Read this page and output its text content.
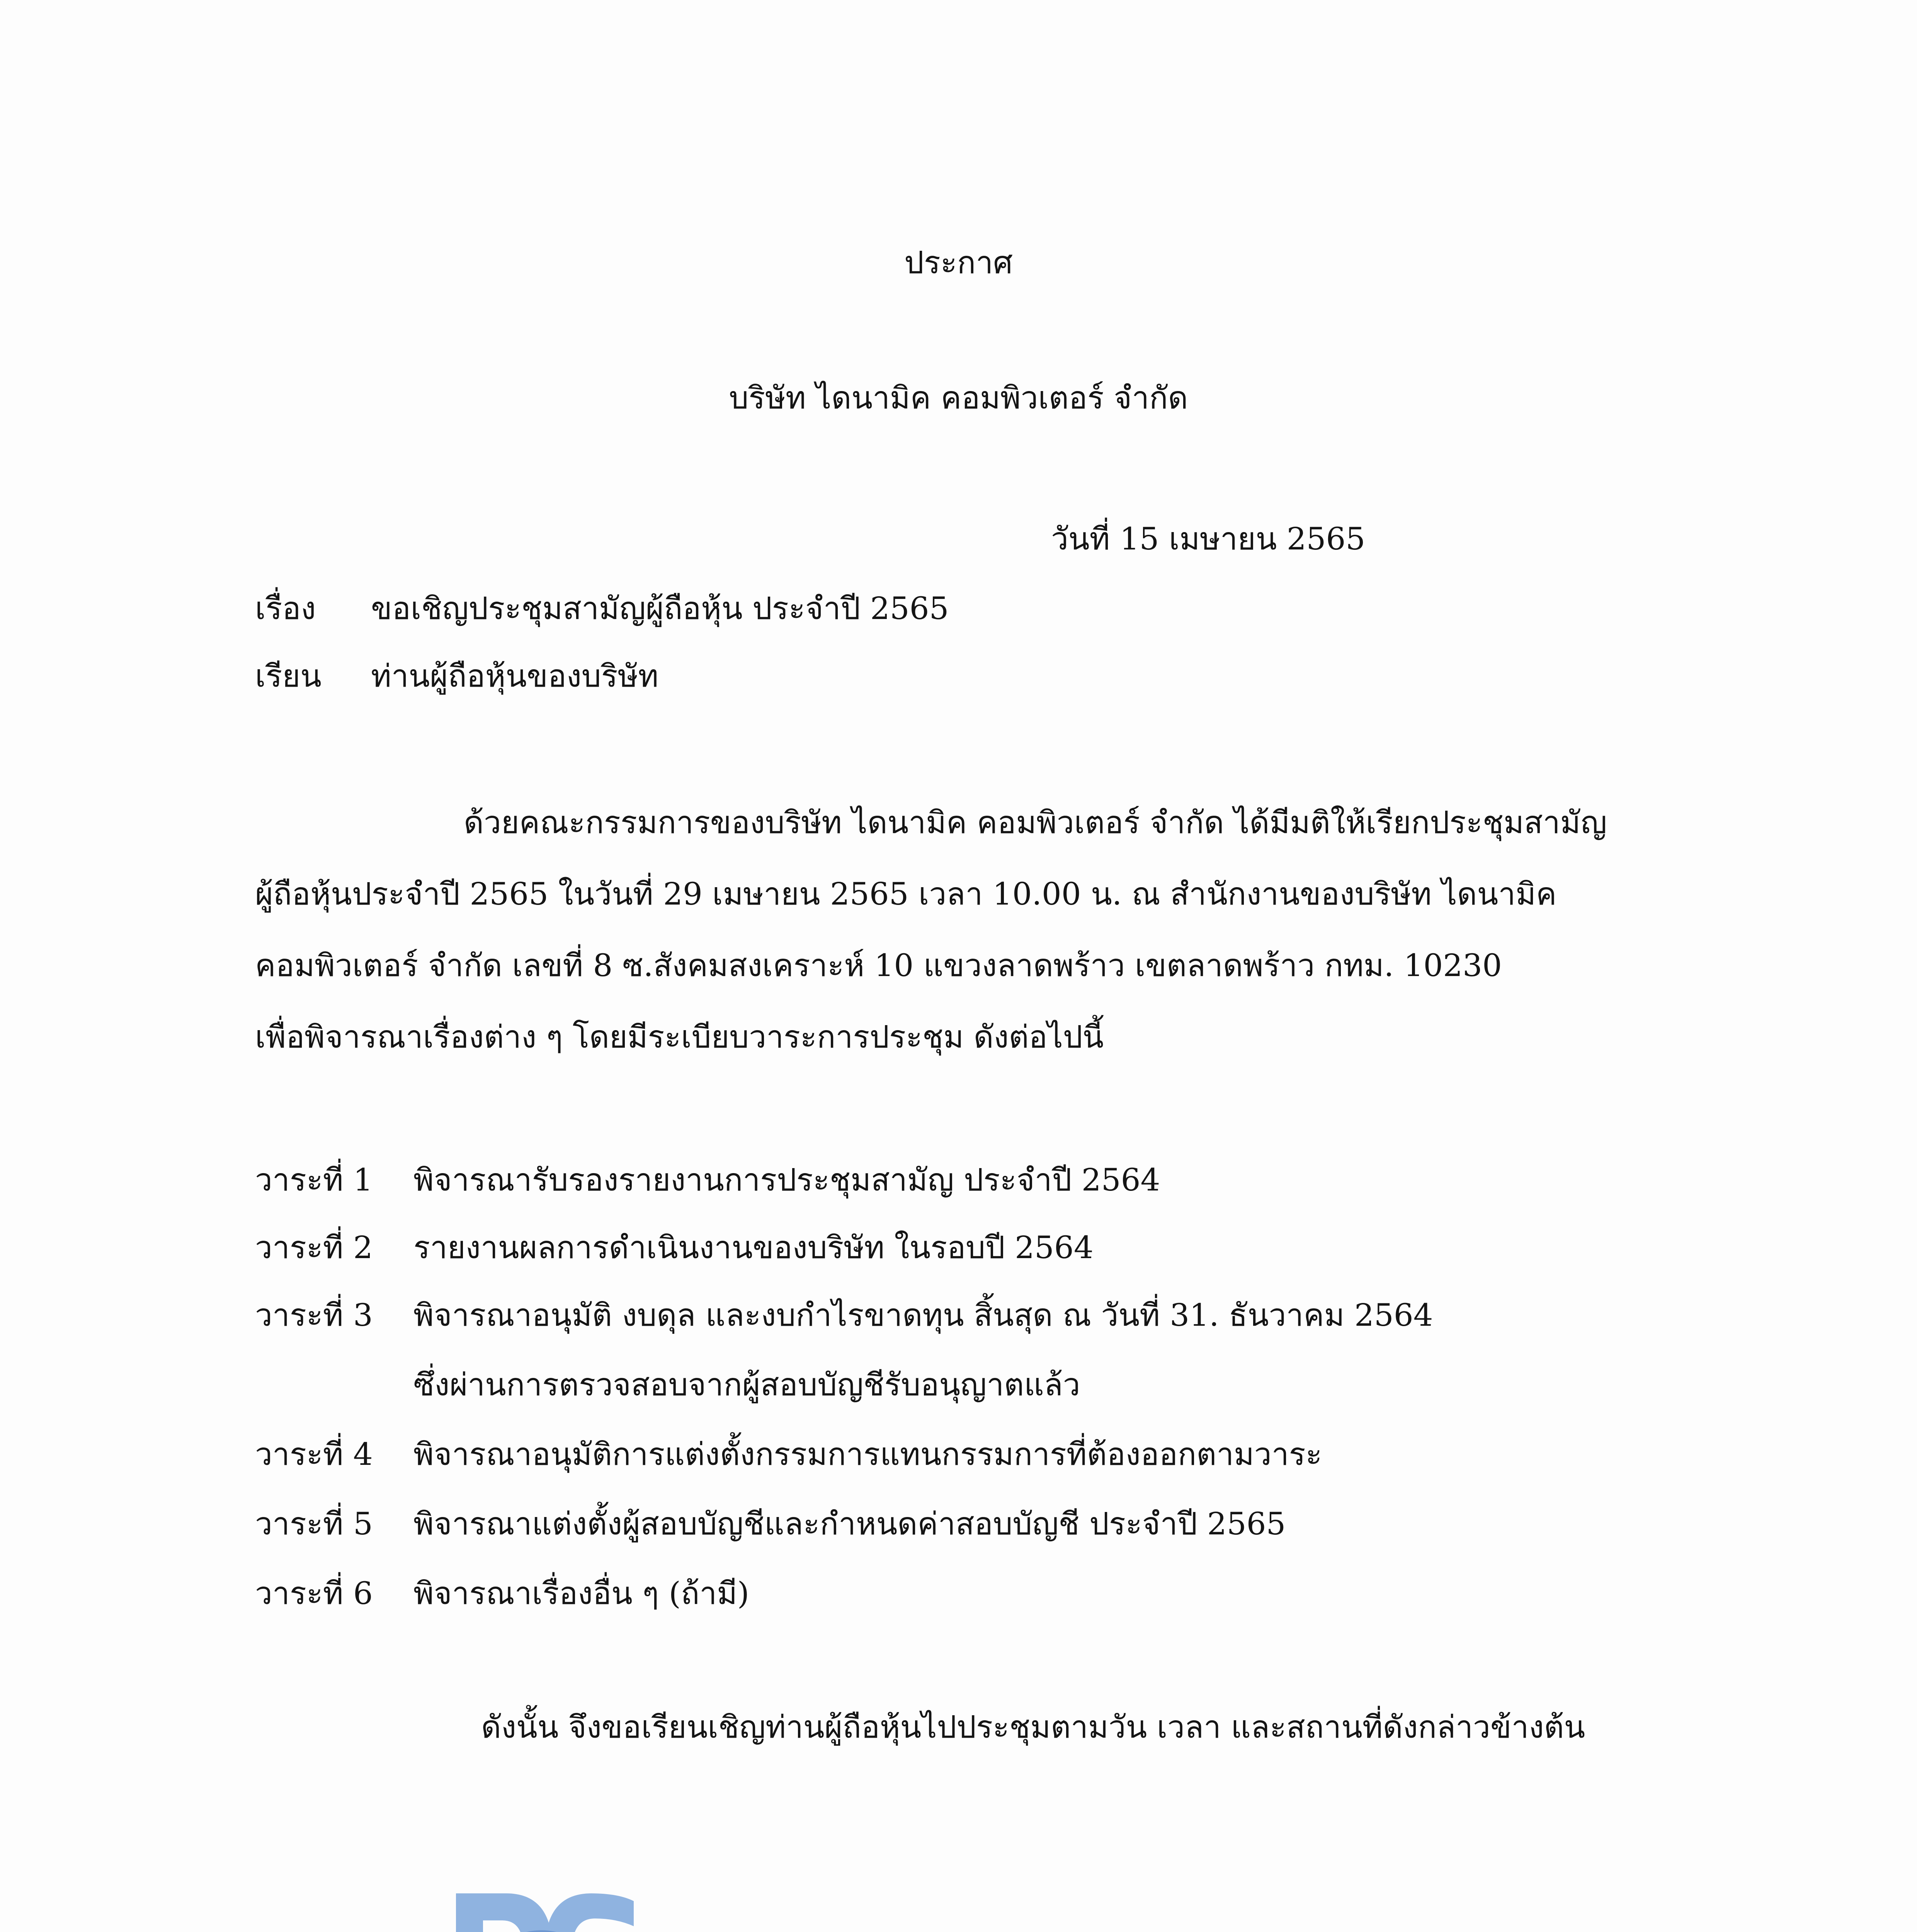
ประกาศ
บริษัท ไดนามิค คอมพิวเตอร์ จำกัด
วันที่ 15 เมษายน 2565
เรื่อง ขอเชิญประชุมสามัญผู้ถือหุ้น ประจำปี 2565
เรียน ท่านผู้ถือหุ้นของบริษัท
ด้วยคณะกรรมการของบริษัท ไดนามิค คอมพิวเตอร์ จำกัด ได้มีมติให้เรียกประชุมสามัญ
ผู้ถือหุ้นประจำปี 2565 ในวันที่ 29 เมษายน 2565 เวลา 10.00 น. ณ สำนักงานของบริษัท ไดนามิค
คอมพิวเตอร์ จำกัด เลขที่ 8 ซ.สังคมสงเคราะห์ 10 แขวงลาดพร้าว เขตลาดพร้าว กทม. 10230
เพื่อพิจารณาเรื่องต่าง ๆ โดยมีระเบียบวาระการประชุม ดังต่อไปนี้
วาระที่ 1 พิจารณารับรองรายงานการประชุมสามัญ ประจำปี 2564
วาระที่ 2 รายงานผลการดำเนินงานของบริษัท ในรอบปี 2564
วาระที่ 3 พิจารณาอนุมัติ งบดุล และงบกำไรขาดทุน สิ้นสุด ณ วันที่ 31. ธันวาคม 2564
ซึ่งผ่านการตรวจสอบจากผู้สอบบัญชีรับอนุญาตแล้ว
วาระที่ 4 พิจารณาอนุมัติการแต่งตั้งกรรมการแทนกรรมการที่ต้องออกตามวาระ
วาระที่ 5 พิจารณาแต่งตั้งผู้สอบบัญชีและกำหนดค่าสอบบัญชี ประจำปี 2565
วาระที่ 6 พิจารณาเรื่องอื่น ๆ (ถ้ามี)
ดังนั้น จึงขอเรียนเชิญท่านผู้ถือหุ้นไปประชุมตามวัน เวลา และสถานที่ดังกล่าวข้างต้น
